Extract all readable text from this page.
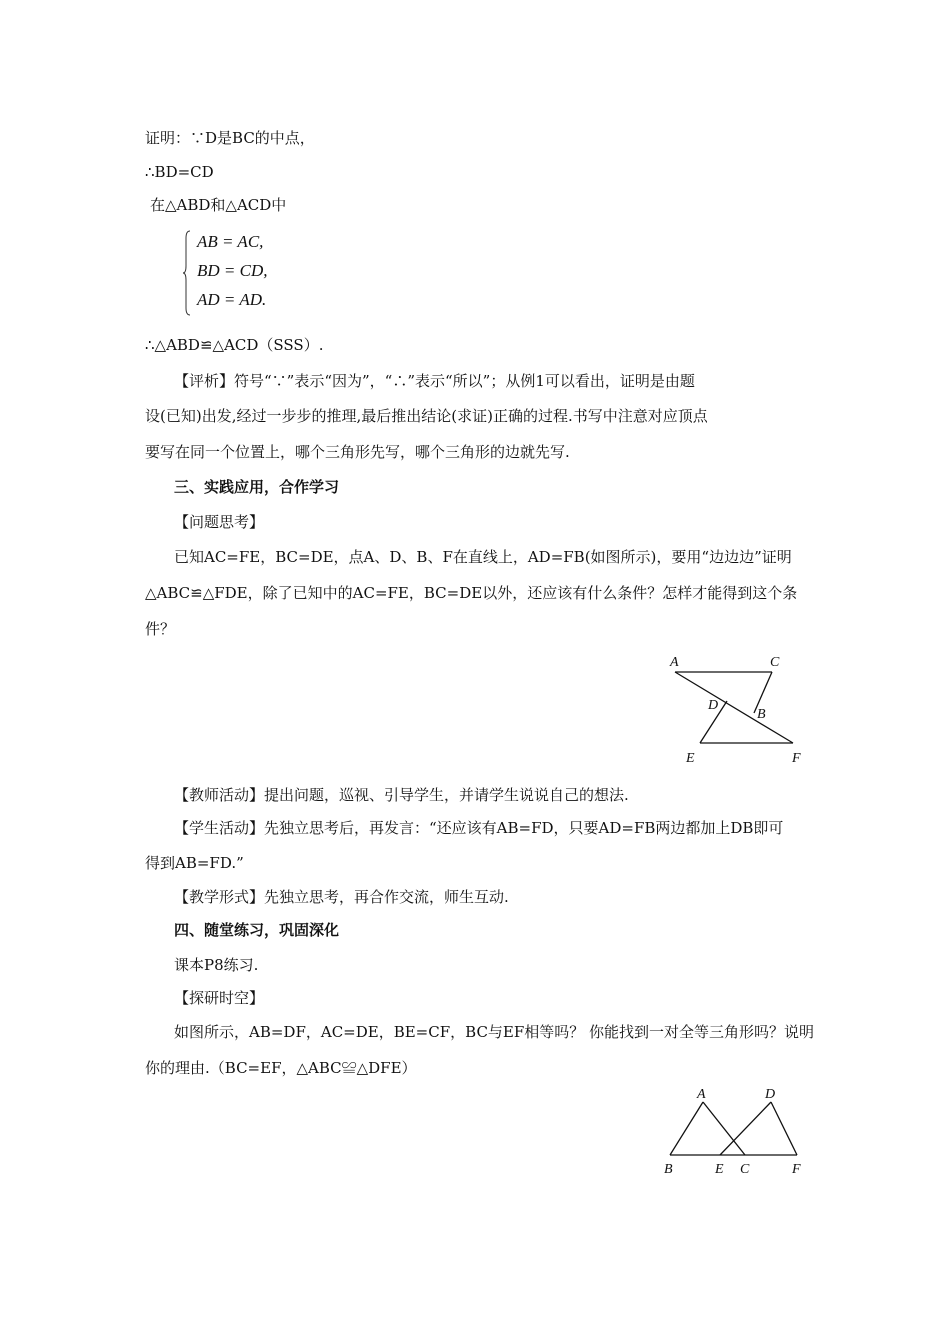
证明：∵D是BC的中点，
∴BD=CD
在△ABD和△ACD中
AB = AC,
BD = CD,
AD = AD.
∴△ABD≌△ACD（SSS）.
【评析】符号“∵”表示“因为”，“∴”表示“所以”；从例1可以看出，证明是由题
设(已知)出发,经过一步步的推理,最后推出结论(求证)正确的过程.书写中注意对应顶点
要写在同一个位置上，哪个三角形先写，哪个三角形的边就先写.
三、实践应用，合作学习
【问题思考】
已知AC=FE，BC=DE，点A、D、B、F在直线上，AD=FB(如图所示)，要用“边边边”证明
△ABC≌△FDE，除了已知中的AC=FE，BC=DE以外，还应该有什么条件？怎样才能得到这个条
件？
A	C
D
B
E	F
【教师活动】提出问题，巡视、引导学生，并请学生说说自己的想法.
【学生活动】先独立思考后，再发言：“还应该有AB=FD，只要AD=FB两边都加上DB即可
得到AB=FD.”
【教学形式】先独立思考，再合作交流，师生互动.
四、随堂练习，巩固深化
课本P8练习.
【探研时空】
如图所示，AB=DF，AC=DE，BE=CF，BC与EF相等吗？ 你能找到一对全等三角形吗？说明
你的理由.（BC=EF，△ABC≌△DFE）
A	D
B	E C	F
